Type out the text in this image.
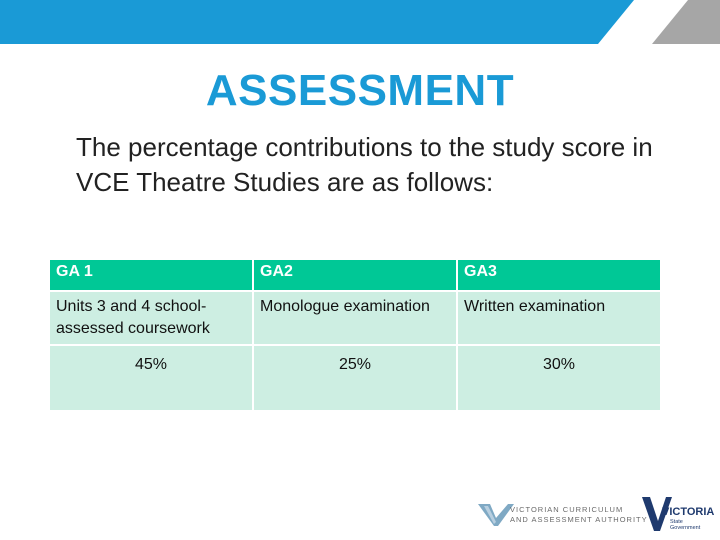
ASSESSMENT
The percentage contributions to the study score in VCE Theatre Studies are as follows:
GA 1	GA2	GA3
Units 3 and 4 school-assessed coursework	Monologue examination	Written examination
45%	25%	30%
VICTORIAN CURRICULUM
AND ASSESSMENT AUTHORITY
VICTORIA
State
Government
